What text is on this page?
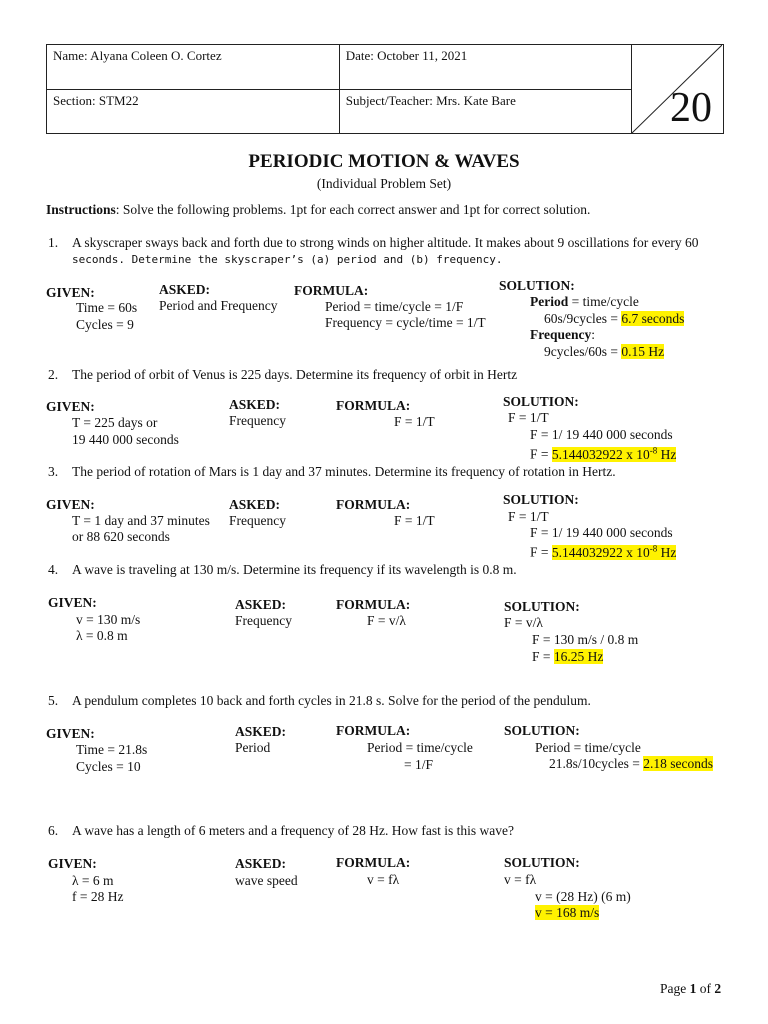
Name: Alyana Coleen O. Cortez	Date: October 11, 2021	

Section: STM22	Subject/Teacher: Mrs. Kate Bare		20
PERIODIC MOTION & WAVES
(Individual Problem Set)
Instructions: Solve the following problems. 1pt for each correct answer and 1pt for correct solution.
1. A skyscraper sways back and forth due to strong winds on higher altitude. It makes about 9 oscillations for every 60
seconds. Determine the skyscraper’s (a) period and (b) frequency.
GIVEN:
Time = 60s
Cycles = 9
ASKED:
Period and Frequency
FORMULA:
Period = time/cycle = 1/F
Frequency = cycle/time = 1/T
SOLUTION:
Period = time/cycle
60s/9cycles = 6.7 seconds
Frequency:
9cycles/60s = 0.15 Hz
2. The period of orbit of Venus is 225 days. Determine its frequency of orbit in Hertz
GIVEN:
T = 225 days or
19 440 000 seconds
ASKED:
Frequency
FORMULA:
F = 1/T
SOLUTION:
F = 1/T
F = 1/ 19 440 000 seconds
F = 5.144032922 x $10^{-8}$ Hz
3. The period of rotation of Mars is 1 day and 37 minutes. Determine its frequency of rotation in Hertz.
GIVEN:
T = 1 day and 37 minutes
or 88 620 seconds
ASKED:
Frequency
FORMULA:
F = 1/T
SOLUTION:
F = 1/T
F = 1/ 19 440 000 seconds
F = 5.144032922 x $10^{-8}$ Hz
4. A wave is traveling at 130 m/s. Determine its frequency if its wavelength is 0.8 m.
GIVEN:
v = 130 m/s
λ = 0.8 m
ASKED:
Frequency
FORMULA:
F = v/λ
SOLUTION:
F = v/λ
F = 130 m/s / 0.8 m
F = 16.25 Hz
5. A pendulum completes 10 back and forth cycles in 21.8 s. Solve for the period of the pendulum.
GIVEN:
Time = 21.8s
Cycles = 10
ASKED:
Period
FORMULA:
Period = time/cycle
= 1/F
SOLUTION:
Period = time/cycle
21.8s/10cycles = 2.18 seconds
6. A wave has a length of 6 meters and a frequency of 28 Hz. How fast is this wave?
GIVEN:
λ = 6 m
f = 28 Hz
ASKED:
wave speed
FORMULA:
v = fλ
SOLUTION:
v = fλ
v = (28 Hz) (6 m)
v = 168 m/s
Page 1 of 2
